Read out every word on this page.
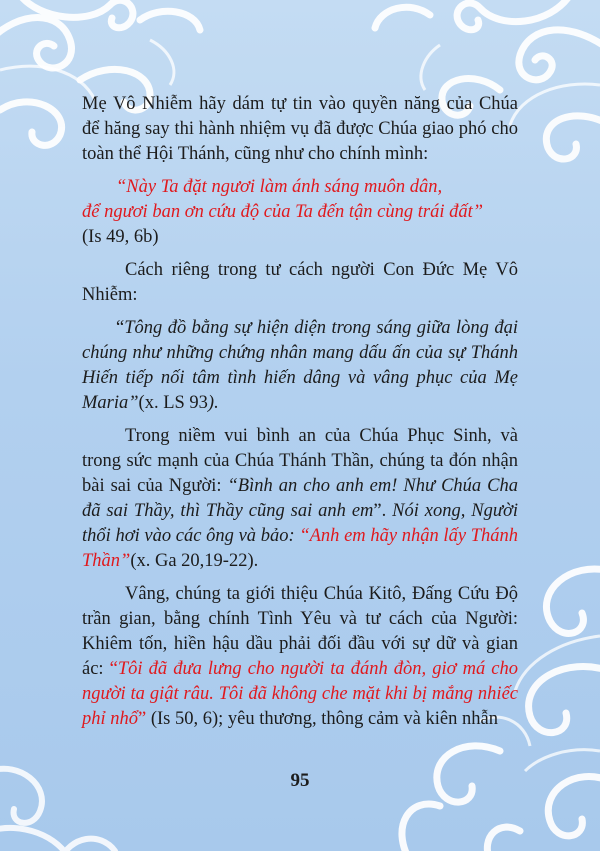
Mẹ Vô Nhiễm hãy dám tự tin vào quyền năng của Chúa để hăng say thi hành nhiệm vụ đã được Chúa giao phó cho toàn thể Hội Thánh, cũng như cho chính mình:

“Này Ta đặt ngươi làm ánh sáng muôn dân,
để ngươi ban ơn cứu độ của Ta đến tận cùng trái đất”

(Is 49, 6b)

Cách riêng trong tư cách người Con Đức Mẹ Vô Nhiễm:

“Tông đồ bằng sự hiện diện trong sáng giữa lòng đại chúng như những chứng nhân mang dấu ấn của sự Thánh Hiến tiếp nối tâm tình hiến dâng và vâng phục của Mẹ Maria”(x. LS 93).

Trong niềm vui bình an của Chúa Phục Sinh, và trong sức mạnh của Chúa Thánh Thần, chúng ta đón nhận bài sai của Người: “Bình an cho anh em! Như Chúa Cha đã sai Thầy, thì Thầy cũng sai anh em”. Nói xong, Người thổi hơi vào các ông và bảo: “Anh em hãy nhận lấy Thánh Thần”(x. Ga 20,19-22).

Vâng, chúng ta giới thiệu Chúa Kitô, Đấng Cứu Độ trần gian, bằng chính Tình Yêu và tư cách của Người: Khiêm tốn, hiền hậu dầu phải đối đầu với sự dữ và gian ác: “Tôi đã đưa lưng cho người ta đánh đòn, giơ má cho người ta giật râu. Tôi đã không che mặt khi bị mắng nhiếc phỉ nhổ” (Is 50, 6); yêu thương, thông cảm và kiên nhẫn

95
